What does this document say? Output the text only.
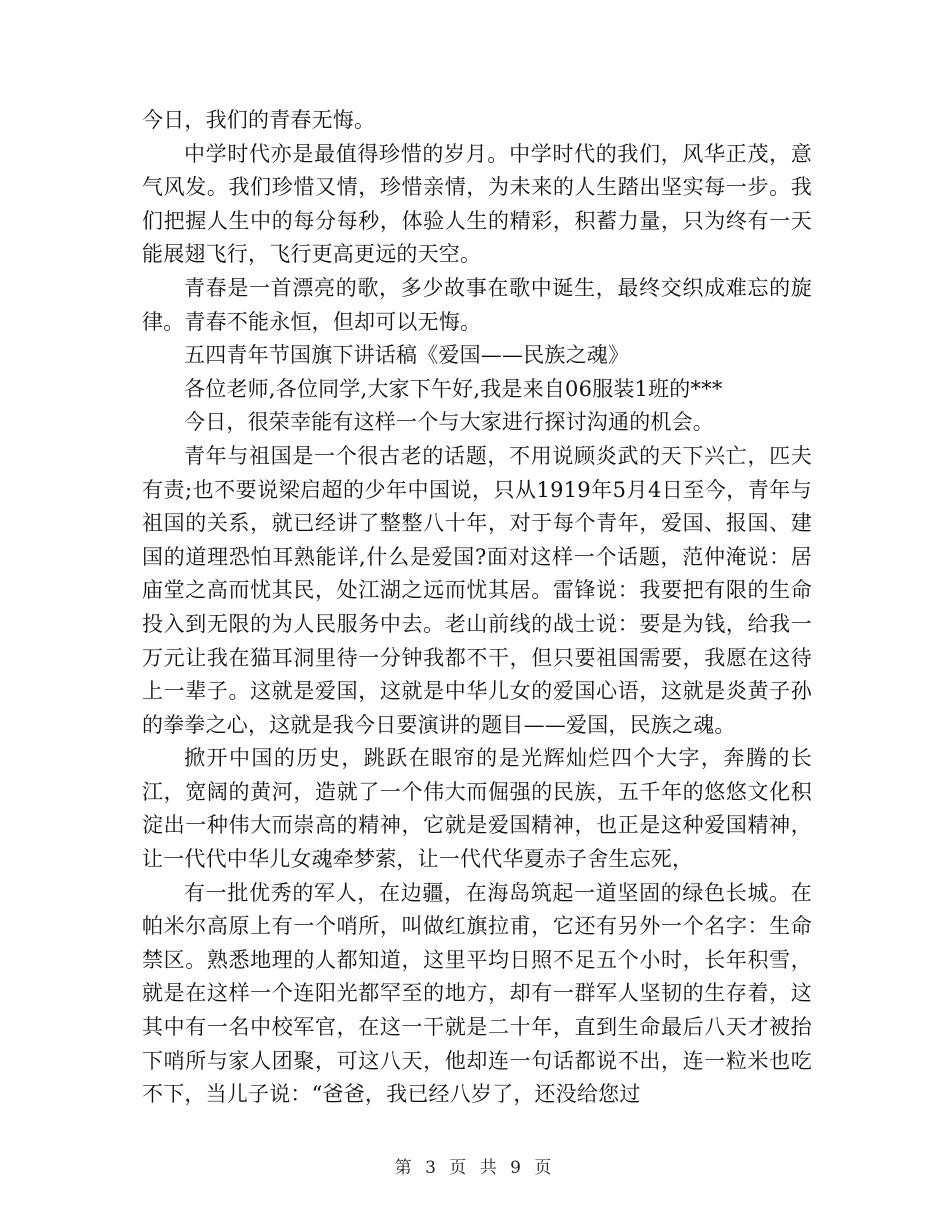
今日，我们的青春无悔。

中学时代亦是最值得珍惜的岁月。中学时代的我们，风华正茂，意气风发。我们珍惜又情，珍惜亲情，为未来的人生踏出坚实每一步。我们把握人生中的每分每秒，体验人生的精彩，积蓄力量，只为终有一天能展翅飞行，飞行更高更远的天空。

青春是一首漂亮的歌，多少故事在歌中诞生，最终交织成难忘的旋律。青春不能永恒，但却可以无悔。

五四青年节国旗下讲话稿《爱国——民族之魂》

各位老师,各位同学,大家下午好,我是来自06服装1班的***

今日，很荣幸能有这样一个与大家进行探讨沟通的机会。

青年与祖国是一个很古老的话题，不用说顾炎武的天下兴亡，匹夫有责;也不要说梁启超的少年中国说，只从1919年5月4日至今，青年与祖国的关系，就已经讲了整整八十年，对于每个青年，爱国、报国、建国的道理恐怕耳熟能详,什么是爱国?面对这样一个话题，范仲淹说：居庙堂之高而忧其民，处江湖之远而忧其居。雷锋说：我要把有限的生命投入到无限的为人民服务中去。老山前线的战士说：要是为钱，给我一万元让我在猫耳洞里待一分钟我都不干，但只要祖国需要，我愿在这待上一辈子。这就是爱国，这就是中华儿女的爱国心语，这就是炎黄子孙的拳拳之心，这就是我今日要演讲的题目——爱国，民族之魂。

掀开中国的历史，跳跃在眼帘的是光辉灿烂四个大字，奔腾的长江，宽阔的黄河，造就了一个伟大而倔强的民族，五千年的悠悠文化积淀出一种伟大而崇高的精神，它就是爱国精神，也正是这种爱国精神，让一代代中华儿女魂牵梦萦，让一代代华夏赤子舍生忘死，

有一批优秀的军人，在边疆，在海岛筑起一道坚固的绿色长城。在帕米尔高原上有一个哨所，叫做红旗拉甫，它还有另外一个名字：生命禁区。熟悉地理的人都知道，这里平均日照不足五个小时，长年积雪，就是在这样一个连阳光都罕至的地方，却有一群军人坚韧的生存着，这其中有一名中校军官，在这一干就是二十年，直到生命最后八天才被抬下哨所与家人团聚，可这八天，他却连一句话都说不出，连一粒米也吃不下，当儿子说：“爸爸，我已经八岁了，还没给您过

第 3 页 共 9 页
